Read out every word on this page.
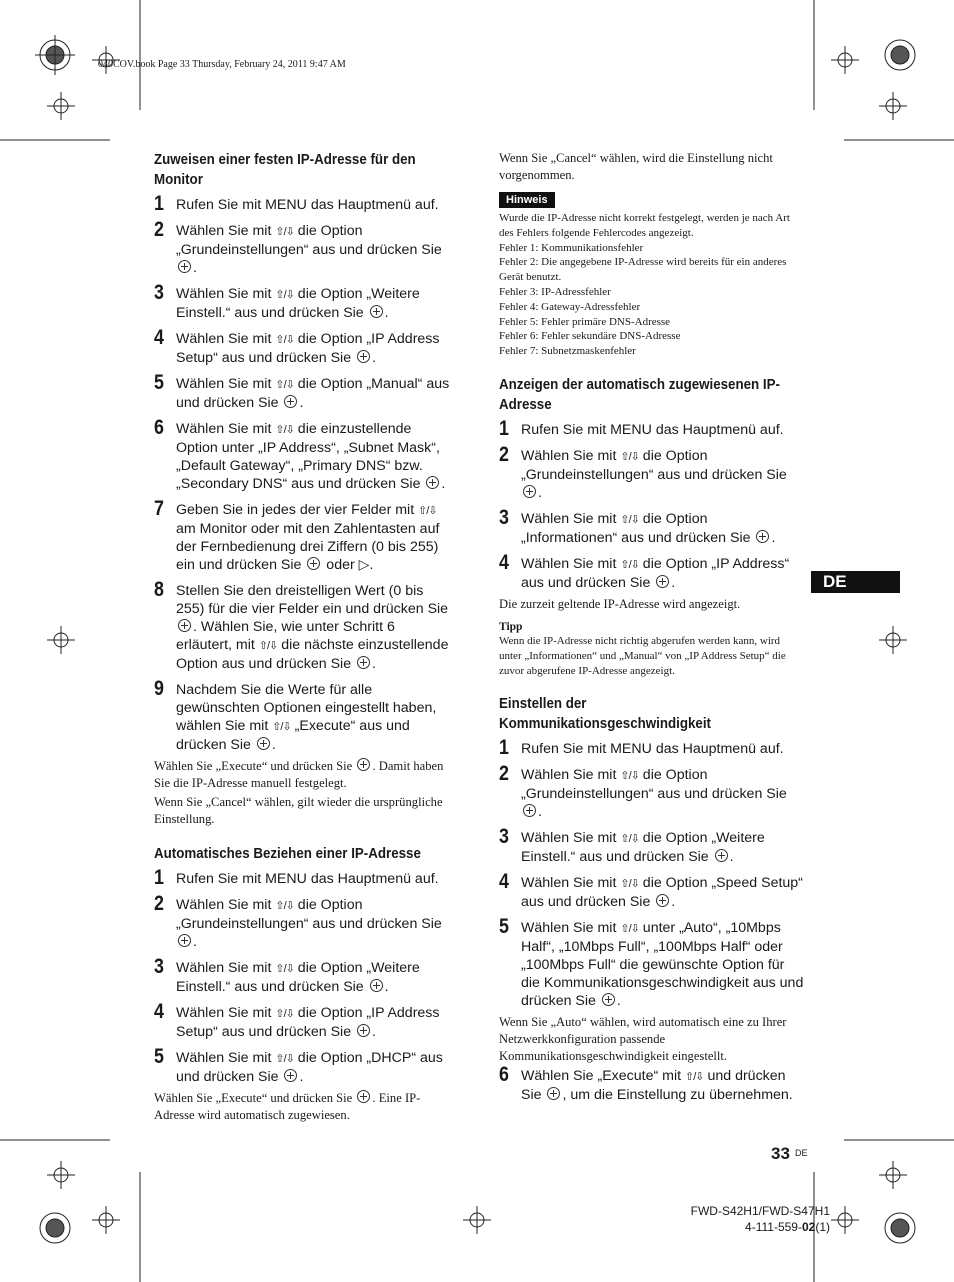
040COV.book Page 33 Thursday, February 24, 2011 9:47 AM
Zuweisen einer festen IP-Adresse für den Monitor
1 Rufen Sie mit MENU das Hauptmenü auf.
2 Wählen Sie mit ⇧/⇩ die Option „Grundeinstellungen“ aus und drücken Sie .
3 Wählen Sie mit ⇧/⇩ die Option „Weitere Einstell.“ aus und drücken Sie .
4 Wählen Sie mit ⇧/⇩ die Option „IP Address Setup“ aus und drücken Sie .
5 Wählen Sie mit ⇧/⇩ die Option „Manual“ aus und drücken Sie .
6 Wählen Sie mit ⇧/⇩ die einzustellende Option unter „IP Address“, „Subnet Mask“, „Default Gateway“, „Primary DNS“ bzw. „Secondary DNS“ aus und drücken Sie .
7 Geben Sie in jedes der vier Felder mit ⇧/⇩ am Monitor oder mit den Zahlentasten auf der Fernbedienung drei Ziffern (0 bis 255) ein und drücken Sie  oder ▷.
8 Stellen Sie den dreistelligen Wert (0 bis 255) für die vier Felder ein und drücken Sie . Wählen Sie, wie unter Schritt 6 erläutert, mit ⇧/⇩ die nächste einzustellende Option aus und drücken Sie .
9 Nachdem Sie die Werte für alle gewünschten Optionen eingestellt haben, wählen Sie mit ⇧/⇩ „Execute“ aus und drücken Sie .

Wählen Sie „Execute“ und drücken Sie . Damit haben Sie die IP-Adresse manuell festgelegt.

Wenn Sie „Cancel“ wählen, gilt wieder die ursprüngliche Einstellung.

Automatisches Beziehen einer IP-Adresse
1 Rufen Sie mit MENU das Hauptmenü auf.
2 Wählen Sie mit ⇧/⇩ die Option „Grundeinstellungen“ aus und drücken Sie .
3 Wählen Sie mit ⇧/⇩ die Option „Weitere Einstell.“ aus und drücken Sie .
4 Wählen Sie mit ⇧/⇩ die Option „IP Address Setup“ aus und drücken Sie .
5 Wählen Sie mit ⇧/⇩ die Option „DHCP“ aus und drücken Sie .

Wählen Sie „Execute“ und drücken Sie . Eine IP-Adresse wird automatisch zugewiesen.

Wenn Sie „Cancel“ wählen, wird die Einstellung nicht vorgenommen.

Hinweis

Wurde die IP-Adresse nicht korrekt festgelegt, werden je nach Art des Fehlers folgende Fehlercodes angezeigt.

Fehler 1: Kommunikationsfehler

Fehler 2: Die angegebene IP-Adresse wird bereits für ein anderes Gerät benutzt.

Fehler 3: IP-Adressfehler

Fehler 4: Gateway-Adressfehler

Fehler 5: Fehler primäre DNS-Adresse

Fehler 6: Fehler sekundäre DNS-Adresse

Fehler 7: Subnetzmaskenfehler

Anzeigen der automatisch zugewiesenen IP-Adresse
1 Rufen Sie mit MENU das Hauptmenü auf.
2 Wählen Sie mit ⇧/⇩ die Option „Grundeinstellungen“ aus und drücken Sie .
3 Wählen Sie mit ⇧/⇩ die Option „Informationen“ aus und drücken Sie .
4 Wählen Sie mit ⇧/⇩ die Option „IP Address“ aus und drücken Sie .

Die zurzeit geltende IP-Adresse wird angezeigt.

Tipp

Wenn die IP-Adresse nicht richtig abgerufen werden kann, wird unter „Informationen“ und „Manual“ von „IP Address Setup“ die zuvor abgerufene IP-Adresse angezeigt.

Einstellen der Kommunikationsgeschwindigkeit
1 Rufen Sie mit MENU das Hauptmenü auf.
2 Wählen Sie mit ⇧/⇩ die Option „Grundeinstellungen“ aus und drücken Sie .
3 Wählen Sie mit ⇧/⇩ die Option „Weitere Einstell.“ aus und drücken Sie .
4 Wählen Sie mit ⇧/⇩ die Option „Speed Setup“ aus und drücken Sie .
5 Wählen Sie mit ⇧/⇩ unter „Auto“, „10Mbps Half“, „10Mbps Full“, „100Mbps Half“ oder „100Mbps Full“ die gewünschte Option für die Kommunikationsgeschwindigkeit aus und drücken Sie .

Wenn Sie „Auto“ wählen, wird automatisch eine zu Ihrer Netzwerkkonfiguration passende Kommunikationsgeschwindigkeit eingestellt.

6 Wählen Sie „Execute“ mit ⇧/⇩ und drücken Sie , um die Einstellung zu übernehmen.
DE
33 DE
FWD-S42H1/FWD-S47H1
4-111-559-02(1)
